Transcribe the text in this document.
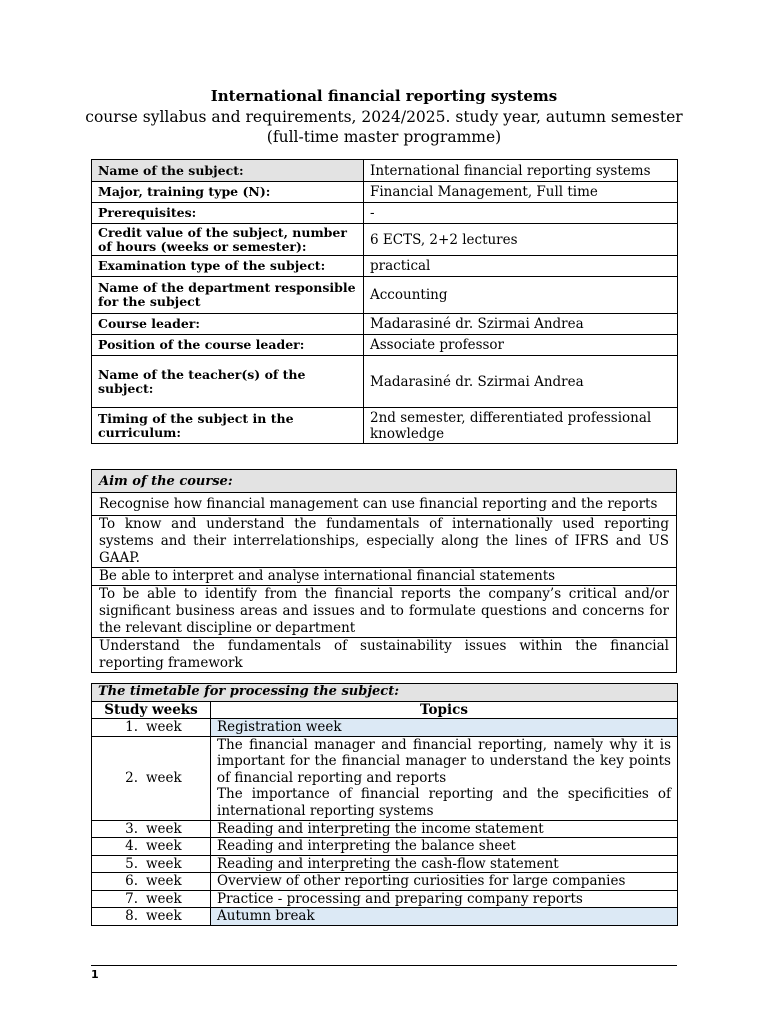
International financial reporting systems
course syllabus and requirements, 2024/2025. study year, autumn semester
(full-time master programme)
Name of the subject:	International financial reporting systems
Major, training type (N):	Financial Management, Full time
Prerequisites:	-
Credit value of the subject, number of hours (weeks or semester):	6 ECTS, 2+2 lectures
Examination type of the subject:	practical
Name of the department responsible for the subject	Accounting
Course leader:	Madarasiné dr. Szirmai Andrea
Position of the course leader:	Associate professor
Name of the teacher(s) of the subject:	Madarasiné dr. Szirmai Andrea
Timing of the subject in the curriculum:	2nd semester, differentiated professional knowledge
Aim of the course:
Recognise how financial management can use financial reporting and the reports
To know and understand the fundamentals of internationally used reporting systems and their interrelationships, especially along the lines of IFRS and US GAAP.
Be able to interpret and analyse international financial statements
To be able to identify from the financial reports the company’s critical and/or significant business areas and issues and to formulate questions and concerns for the relevant discipline or department
Understand the fundamentals of sustainability issues within the financial reporting framework
The timetable for processing the subject:	
Study weeks	Topics
1. week	Registration week
2. week	The financial manager and financial reporting, namely why it is important for the financial manager to understand the key points of financial reporting and reports
The importance of financial reporting and the specificities of international reporting systems

3. week	Reading and interpreting the income statement
4. week	Reading and interpreting the balance sheet
5. week	Reading and interpreting the cash-flow statement
6. week	Overview of other reporting curiosities for large companies
7. week	Practice - processing and preparing company reports
8. week	Autumn break
1
